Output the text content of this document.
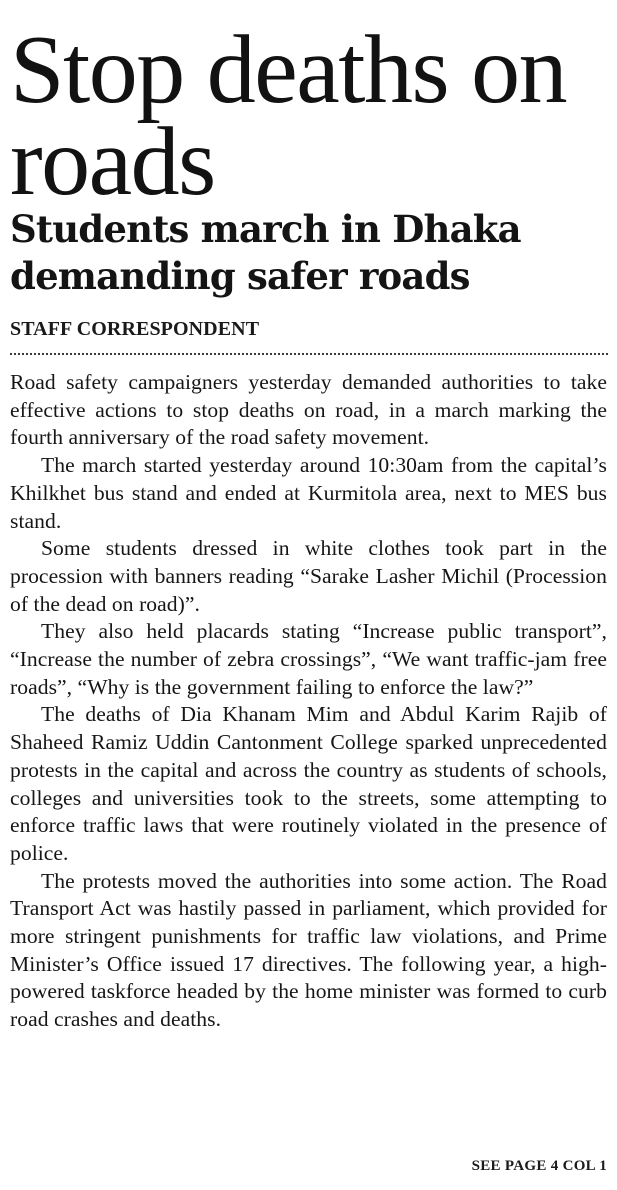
Stop deaths on roads
Students march in Dhaka demanding safer roads
STAFF CORRESPONDENT

Road safety campaigners yesterday demanded authorities to take effective actions to stop deaths on road, in a march marking the fourth anniversary of the road safety movement.

The march started yesterday around 10:30am from the capital’s Khilkhet bus stand and ended at Kurmitola area, next to MES bus stand.

Some students dressed in white clothes took part in the procession with banners reading “Sarake Lasher Michil (Procession of the dead on road)”.

They also held placards stating “Increase public transport”, “Increase the number of zebra crossings”, “We want traffic-jam free roads”, “Why is the government failing to enforce the law?”

The deaths of Dia Khanam Mim and Abdul Karim Rajib of Shaheed Ramiz Uddin Cantonment College sparked unprecedented protests in the capital and across the country as students of schools, colleges and universities took to the streets, some attempting to enforce traffic laws that were routinely violated in the presence of police.

The protests moved the authorities into some action. The Road Transport Act was hastily passed in parliament, which provided for more stringent punishments for traffic law violations, and Prime Minister’s Office issued 17 directives. The following year, a high-powered taskforce headed by the home minister was formed to curb road crashes and deaths.

SEE PAGE 4 COL 1
